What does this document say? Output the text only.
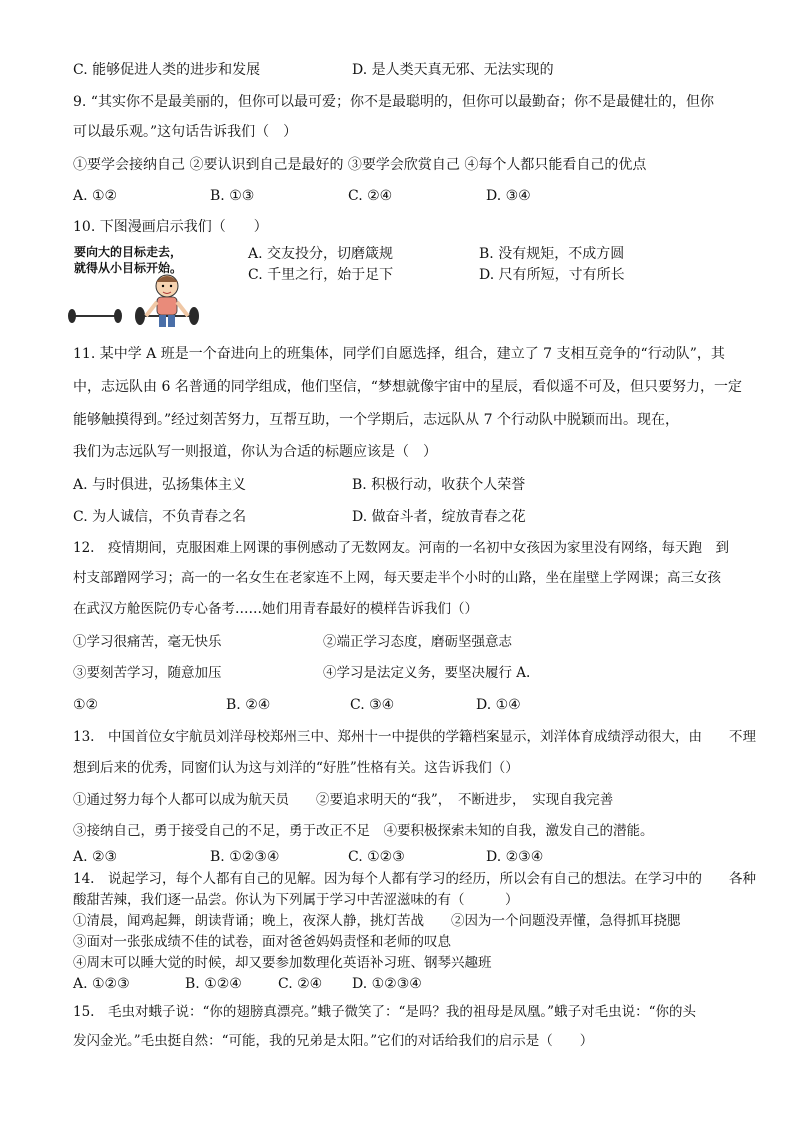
C. 能够促进人类的进步和发展	D. 是人类天真无邪、无法实现的
9. “其实你不是最美丽的，但你可以最可爱；你不是最聪明的，但你可以最勤奋；你不是最健壮的，但你
可以最乐观。”这句话告诉我们（　）
①要学会接纳自己 ②要认识到自己是最好的 ③要学会欣赏自己 ④每个人都只能看自己的优点
A. ①②	B. ①③	C. ②④	D. ③④
10. 下图漫画启示我们（　　）
要向大的目标走去，
就得从小目标开始。
A. 交友投分，切磨箴规	B. 没有规矩，不成方圆
C. 千里之行，始于足下	D. 尺有所短，寸有所长
11. 某中学 A 班是一个奋进向上的班集体，同学们自愿选择，组合，建立了 7 支相互竞争的“行动队”，其
中，志远队由 6 名普通的同学组成，他们坚信，“梦想就像宇宙中的星辰，看似遥不可及，但只要努力，一定
能够触摸得到。”经过刻苦努力，互帮互助，一个学期后，志远队从 7 个行动队中脱颖而出。现在，
我们为志远队写一则报道，你认为合适的标题应该是（　）
A. 与时俱进，弘扬集体主义	B. 积极行动，收获个人荣誉
C. 为人诚信，不负青春之名	D. 做奋斗者，绽放青春之花
12.　疫情期间，克服困难上网课的事例感动了无数网友。河南的一名初中女孩因为家里没有网络，每天跑　到
村支部蹭网学习；高一的一名女生在老家连不上网，每天要走半个小时的山路，坐在崖壁上学网课；高三女孩
在武汉方舱医院仍专心备考……她们用青春最好的模样告诉我们（）
①学习很痛苦，毫无快乐	②端正学习态度，磨砺坚强意志
③要刻苦学习，随意加压	④学习是法定义务，要坚决履行 A.
①②	B. ②④	C. ③④	D. ①④
13.　中国首位女宇航员刘洋母校郑州三中、郑州十一中提供的学籍档案显示，刘洋体育成绩浮动很大，由　　不理
想到后来的优秀，同窗们认为这与刘洋的“好胜”性格有关。这告诉我们（）
①通过努力每个人都可以成为航天员　　②要追求明天的“我”，　不断进步，　实现自我完善
③接纳自己，勇于接受自己的不足，勇于改正不足　④要积极探索未知的自我，激发自己的潜能。
A. ②③	B. ①②③④	C. ①②③	D. ②③④
14.　说起学习，每个人都有自己的见解。因为每个人都有学习的经历，所以会有自己的想法。在学习中的　　各种
酸甜苦辣，我们逐一品尝。你认为下列属于学习中苦涩滋味的有（　　　）
①清晨，闻鸡起舞，朗读背诵；晚上，夜深人静，挑灯苦战　　②因为一个问题没弄懂，急得抓耳挠腮
③面对一张张成绩不佳的试卷，面对爸爸妈妈责怪和老师的叹息
④周末可以睡大觉的时候，却又要参加数理化英语补习班、钢琴兴趣班
A. ①②③	B. ①②④	C. ②④ D. ①②③④
15.　毛虫对蛾子说：“你的翅膀真漂亮。”蛾子微笑了：“是吗？我的祖母是凤凰。”蛾子对毛虫说：“你的头
发闪金光。”毛虫挺自然：“可能，我的兄弟是太阳。”它们的对话给我们的启示是（　　）
